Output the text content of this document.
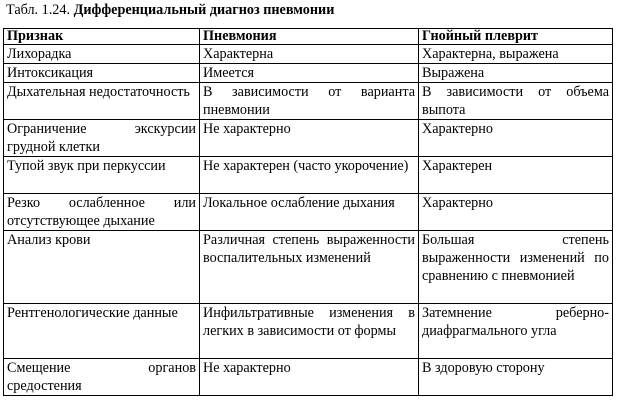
Табл. 1.24. Дифференциальный диагноз пневмонии
Признак	Пневмония	Гнойный плеврит
Лихорадка	Характерна	Характерна, выражена
Интоксикация	Имеется	Выражена
Дыхательная недостаточность	В зависимости от варианта пневмонии	В зависимости от объема выпота
Ограничение экскурсии грудной клетки	Не характерно	Характерно
Тупой звук при перкуссии	Не характерен (часто укорочение)	Характерен
Резко ослабленное или отсутствующее дыхание	Локальное ослабление дыхания	Характерно
Анализ крови	Различная степень выраженности воспалительных изменений	Большая степень выраженности изменений по сравнению с пневмонией
Рентгенологические данные	Инфильтративные изменения в легких в зависимости от формы	Затемнение реберно-диафрагмального угла
Смещение органов средостения	Не характерно	В здоровую сторону
